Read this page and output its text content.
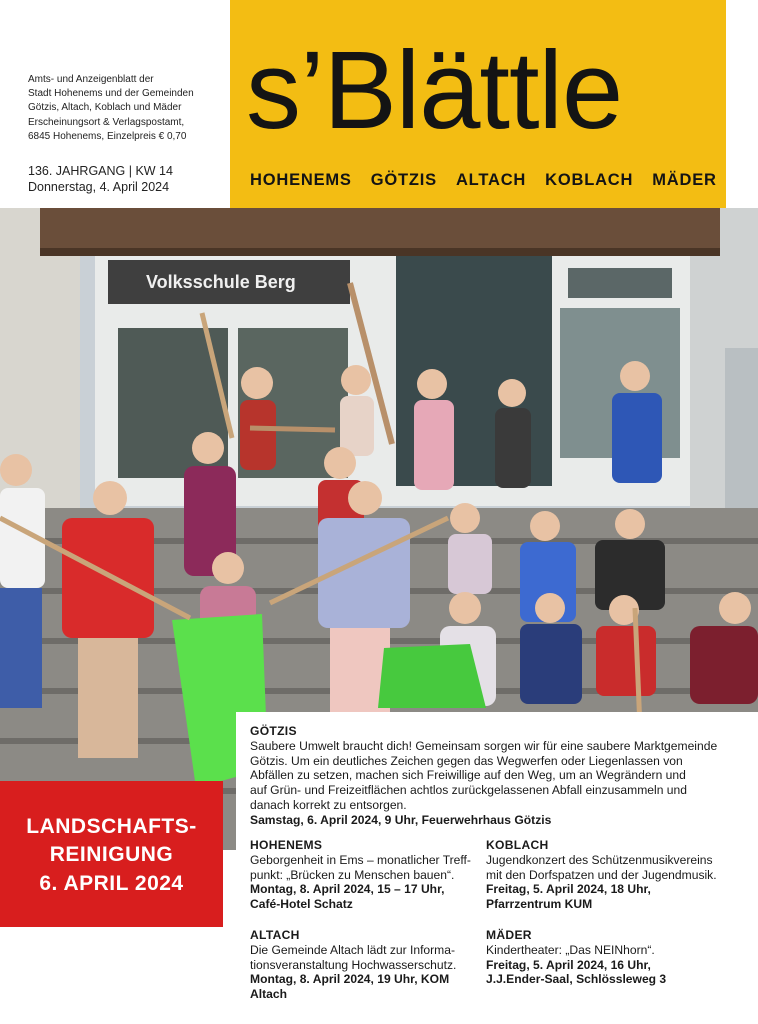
Amts- und Anzeigenblatt der
Stadt Hohenems und der Gemeinden
Götzis, Altach, Koblach und Mäder
Erscheinungsort & Verlagspostamt,
6845 Hohenems, Einzelpreis € 0,70
136. JAHRGANG | KW 14
Donnerstag, 4. April 2024
s’Blättle
HOHENEMS GÖTZIS ALTACH KOBLACH MÄDER
Volksschule Berg
GÖTZIS
Saubere Umwelt braucht dich! Gemeinsam sorgen wir für eine saubere Marktgemeinde
Götzis. Um ein deutliches Zeichen gegen das Wegwerfen oder Liegenlassen von
Abfällen zu setzen, machen sich Freiwillige auf den Weg, um an Wegrändern und
auf Grün- und Freizeitflächen achtlos zurückgelassenen Abfall einzusammeln und
danach korrekt zu entsorgen.
Samstag, 6. April 2024, 9 Uhr, Feuerwehrhaus Götzis
HOHENEMS
Geborgenheit in Ems – monatlicher Treff-
punkt: „Brücken zu Menschen bauen“.
Montag, 8. April 2024, 15 – 17 Uhr,
Café-Hotel Schatz
KOBLACH
Jugendkonzert des Schützenmusikvereins
mit den Dorfspatzen und der Jugendmusik.
Freitag, 5. April 2024, 18 Uhr,
Pfarrzentrum KUM
ALTACH
Die Gemeinde Altach lädt zur Informa-
tionsveranstaltung Hochwasserschutz.
Montag, 8. April 2024, 19 Uhr, KOM Altach
MÄDER
Kindertheater: „Das NEINhorn“.
Freitag, 5. April 2024, 16 Uhr,
J.J.Ender-Saal, Schlössleweg 3
LANDSCHAFTS-
REINIGUNG
6. APRIL 2024
